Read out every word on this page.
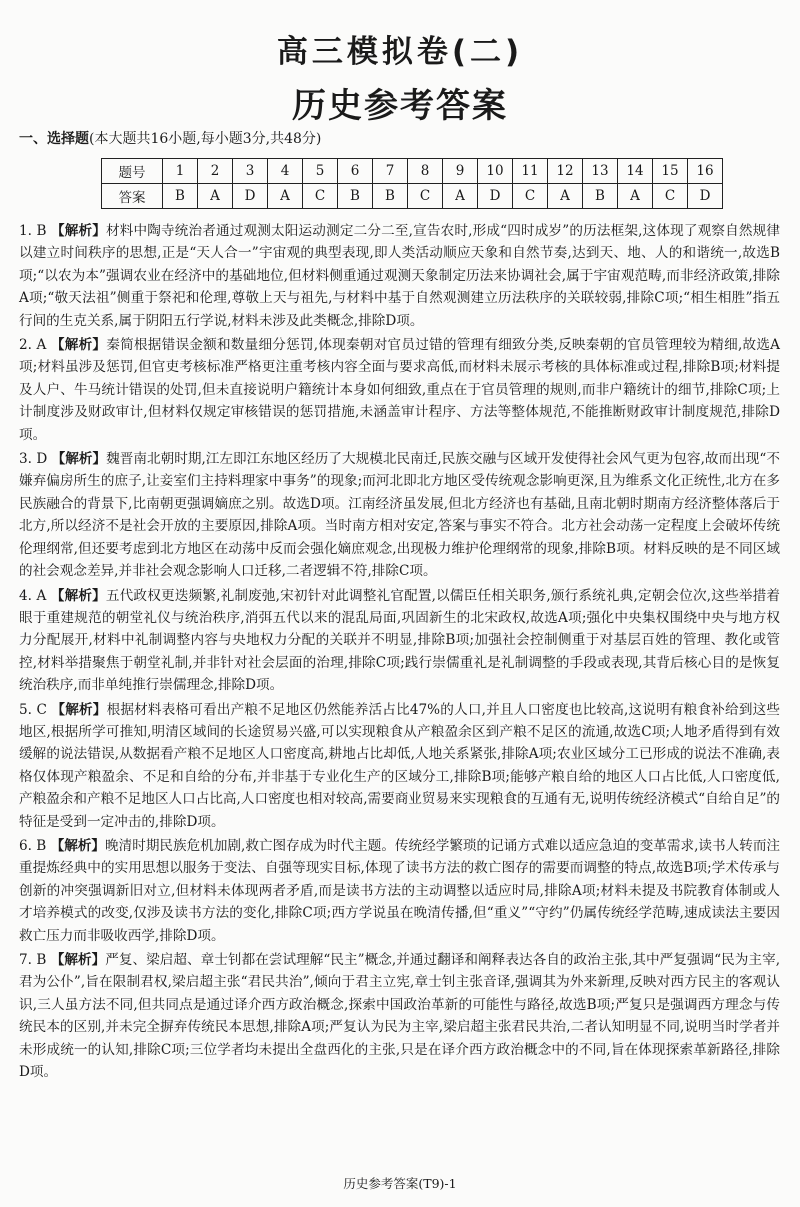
高三模拟卷(二)
历史参考答案
一、选择题(本大题共16小题,每小题3分,共48分)
题号	1	2	3	4	5	6	7	8	9	10	11	12	13	14	15	16
答案	B	A	D	A	C	B	B	C	A	D	C	A	B	A	C	D
1. B 【解析】材料中陶寺统治者通过观测太阳运动测定二分二至,宣告农时,形成“四时成岁”的历法框架,这体现了观察自然规律以建立时间秩序的思想,正是“天人合一”宇宙观的典型表现,即人类活动顺应天象和自然节奏,达到天、地、人的和谐统一,故选B项;“以农为本”强调农业在经济中的基础地位,但材料侧重通过观测天象制定历法来协调社会,属于宇宙观范畴,而非经济政策,排除A项;“敬天法祖”侧重于祭祀和伦理,尊敬上天与祖先,与材料中基于自然观测建立历法秩序的关联较弱,排除C项;“相生相胜”指五行间的生克关系,属于阴阳五行学说,材料未涉及此类概念,排除D项。
2. A 【解析】秦简根据错误金额和数量细分惩罚,体现秦朝对官员过错的管理有细致分类,反映秦朝的官员管理较为精细,故选A项;材料虽涉及惩罚,但官吏考核标准严格更注重考核内容全面与要求高低,而材料未展示考核的具体标准或过程,排除B项;材料提及人户、牛马统计错误的处罚,但未直接说明户籍统计本身如何细致,重点在于官员管理的规则,而非户籍统计的细节,排除C项;上计制度涉及财政审计,但材料仅规定审核错误的惩罚措施,未涵盖审计程序、方法等整体规范,不能推断财政审计制度规范,排除D项。
3. D 【解析】魏晋南北朝时期,江左即江东地区经历了大规模北民南迁,民族交融与区域开发使得社会风气更为包容,故而出现“不嫌弃偏房所生的庶子,让妾室们主持料理家中事务”的现象;而河北即北方地区受传统观念影响更深,且为维系文化正统性,北方在多民族融合的背景下,比南朝更强调嫡庶之别。故选D项。江南经济虽发展,但北方经济也有基础,且南北朝时期南方经济整体落后于北方,所以经济不是社会开放的主要原因,排除A项。当时南方相对安定,答案与事实不符合。北方社会动荡一定程度上会破坏传统伦理纲常,但还要考虑到北方地区在动荡中反而会强化嫡庶观念,出现极力维护伦理纲常的现象,排除B项。材料反映的是不同区域的社会观念差异,并非社会观念影响人口迁移,二者逻辑不符,排除C项。
4. A 【解析】五代政权更迭频繁,礼制废弛,宋初针对此调整礼官配置,以儒臣任相关职务,颁行系统礼典,定朝会位次,这些举措着眼于重建规范的朝堂礼仪与统治秩序,消弭五代以来的混乱局面,巩固新生的北宋政权,故选A项;强化中央集权围绕中央与地方权力分配展开,材料中礼制调整内容与央地权力分配的关联并不明显,排除B项;加强社会控制侧重于对基层百姓的管理、教化或管控,材料举措聚焦于朝堂礼制,并非针对社会层面的治理,排除C项;践行崇儒重礼是礼制调整的手段或表现,其背后核心目的是恢复统治秩序,而非单纯推行崇儒理念,排除D项。
5. C 【解析】根据材料表格可看出产粮不足地区仍然能养活占比47%的人口,并且人口密度也比较高,这说明有粮食补给到这些地区,根据所学可推知,明清区域间的长途贸易兴盛,可以实现粮食从产粮盈余区到产粮不足区的流通,故选C项;人地矛盾得到有效缓解的说法错误,从数据看产粮不足地区人口密度高,耕地占比却低,人地关系紧张,排除A项;农业区域分工已形成的说法不准确,表格仅体现产粮盈余、不足和自给的分布,并非基于专业化生产的区域分工,排除B项;能够产粮自给的地区人口占比低,人口密度低,产粮盈余和产粮不足地区人口占比高,人口密度也相对较高,需要商业贸易来实现粮食的互通有无,说明传统经济模式“自给自足”的特征是受到一定冲击的,排除D项。
6. B 【解析】晚清时期民族危机加剧,救亡图存成为时代主题。传统经学繁琐的记诵方式难以适应急迫的变革需求,读书人转而注重提炼经典中的实用思想以服务于变法、自强等现实目标,体现了读书方法的救亡图存的需要而调整的特点,故选B项;学术传承与创新的冲突强调新旧对立,但材料未体现两者矛盾,而是读书方法的主动调整以适应时局,排除A项;材料未提及书院教育体制或人才培养模式的改变,仅涉及读书方法的变化,排除C项;西方学说虽在晚清传播,但“重义”“守约”仍属传统经学范畴,速成读法主要因救亡压力而非吸收西学,排除D项。
7. B 【解析】严复、梁启超、章士钊都在尝试理解“民主”概念,并通过翻译和阐释表达各自的政治主张,其中严复强调“民为主宰,君为公仆”,旨在限制君权,梁启超主张“君民共治”,倾向于君主立宪,章士钊主张音译,强调其为外来新理,反映对西方民主的客观认识,三人虽方法不同,但共同点是通过译介西方政治概念,探索中国政治革新的可能性与路径,故选B项;严复只是强调西方理念与传统民本的区别,并未完全摒弃传统民本思想,排除A项;严复认为民为主宰,梁启超主张君民共治,二者认知明显不同,说明当时学者并未形成统一的认知,排除C项;三位学者均未提出全盘西化的主张,只是在译介西方政治概念中的不同,旨在体现探索革新路径,排除D项。
历史参考答案(T9)-1
